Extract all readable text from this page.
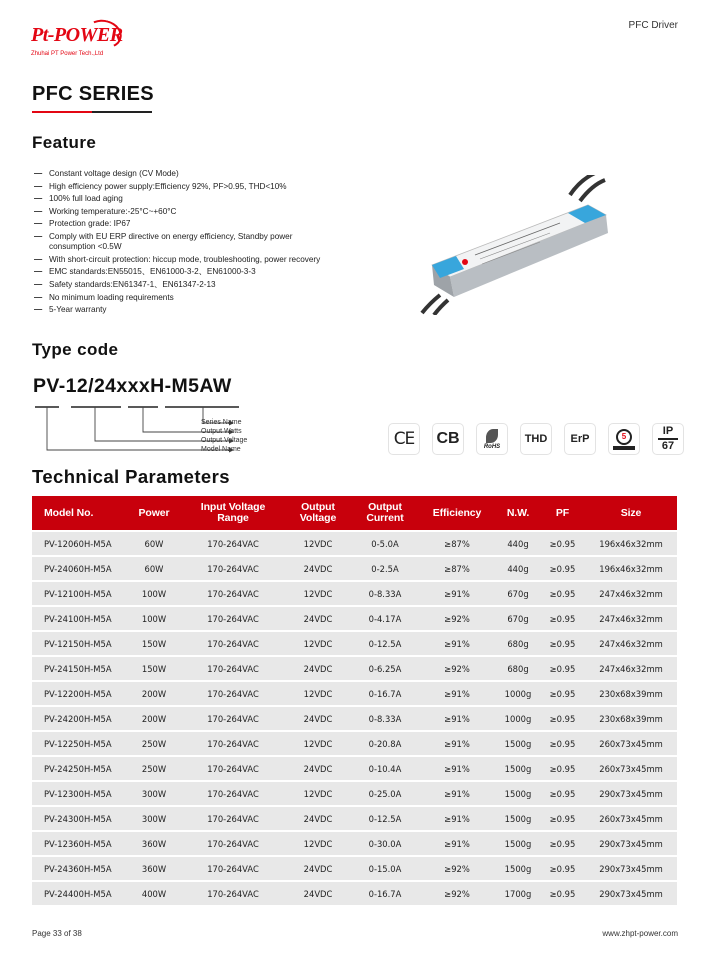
Pt-POWER
Zhuhai PT Power Tech.,Ltd
PFC Driver
PFC SERIES
Feature
— Constant voltage design (CV Mode)
— High efficiency power supply:Efficiency 92%, PF>0.95, THD<10%
— 100% full load aging
— Working temperature:-25°C~+60°C
— Protection grade: IP67
— Comply with EU ERP directive on energy efficiency, Standby power consumption <0.5W
— With short-circuit protection: hiccup mode, troubleshooting, power recovery
— EMC standards:EN55015、EN61000-3-2、EN61000-3-3
— Safety standards:EN61347-1、EN61347-2-13
— No minimum loading requirements
— 5-Year warranty
Type code
PV-12/24xxxH-M5AW
Series Name
Output Watts
Output Voltage
Model Name
CE CB	RoHS
THD ErP	5	IP
67
Technical Parameters
Model No.	Power	Input Voltage
Range	Output
Voltage	Output
Current	Efficiency	N.W.	PF	Size
PV-12060H-M5A	60W	170-264VAC	12VDC	0-5.0A	≥87%	440g	≥0.95	196x46x32mm
PV-24060H-M5A	60W	170-264VAC	24VDC	0-2.5A	≥87%	440g	≥0.95	196x46x32mm
PV-12100H-M5A	100W	170-264VAC	12VDC	0-8.33A	≥91%	670g	≥0.95	247x46x32mm
PV-24100H-M5A	100W	170-264VAC	24VDC	0-4.17A	≥92%	670g	≥0.95	247x46x32mm
PV-12150H-M5A	150W	170-264VAC	12VDC	0-12.5A	≥91%	680g	≥0.95	247x46x32mm
PV-24150H-M5A	150W	170-264VAC	24VDC	0-6.25A	≥92%	680g	≥0.95	247x46x32mm
PV-12200H-M5A	200W	170-264VAC	12VDC	0-16.7A	≥91%	1000g	≥0.95	230x68x39mm
PV-24200H-M5A	200W	170-264VAC	24VDC	0-8.33A	≥91%	1000g	≥0.95	230x68x39mm
PV-12250H-M5A	250W	170-264VAC	12VDC	0-20.8A	≥91%	1500g	≥0.95	260x73x45mm
PV-24250H-M5A	250W	170-264VAC	24VDC	0-10.4A	≥91%	1500g	≥0.95	260x73x45mm
PV-12300H-M5A	300W	170-264VAC	12VDC	0-25.0A	≥91%	1500g	≥0.95	290x73x45mm
PV-24300H-M5A	300W	170-264VAC	24VDC	0-12.5A	≥91%	1500g	≥0.95	260x73x45mm
PV-12360H-M5A	360W	170-264VAC	12VDC	0-30.0A	≥91%	1500g	≥0.95	290x73x45mm
PV-24360H-M5A	360W	170-264VAC	24VDC	0-15.0A	≥92%	1500g	≥0.95	290x73x45mm
PV-24400H-M5A	400W	170-264VAC	24VDC	0-16.7A	≥92%	1700g	≥0.95	290x73x45mm
Page 33 of 38	www.zhpt-power.com
